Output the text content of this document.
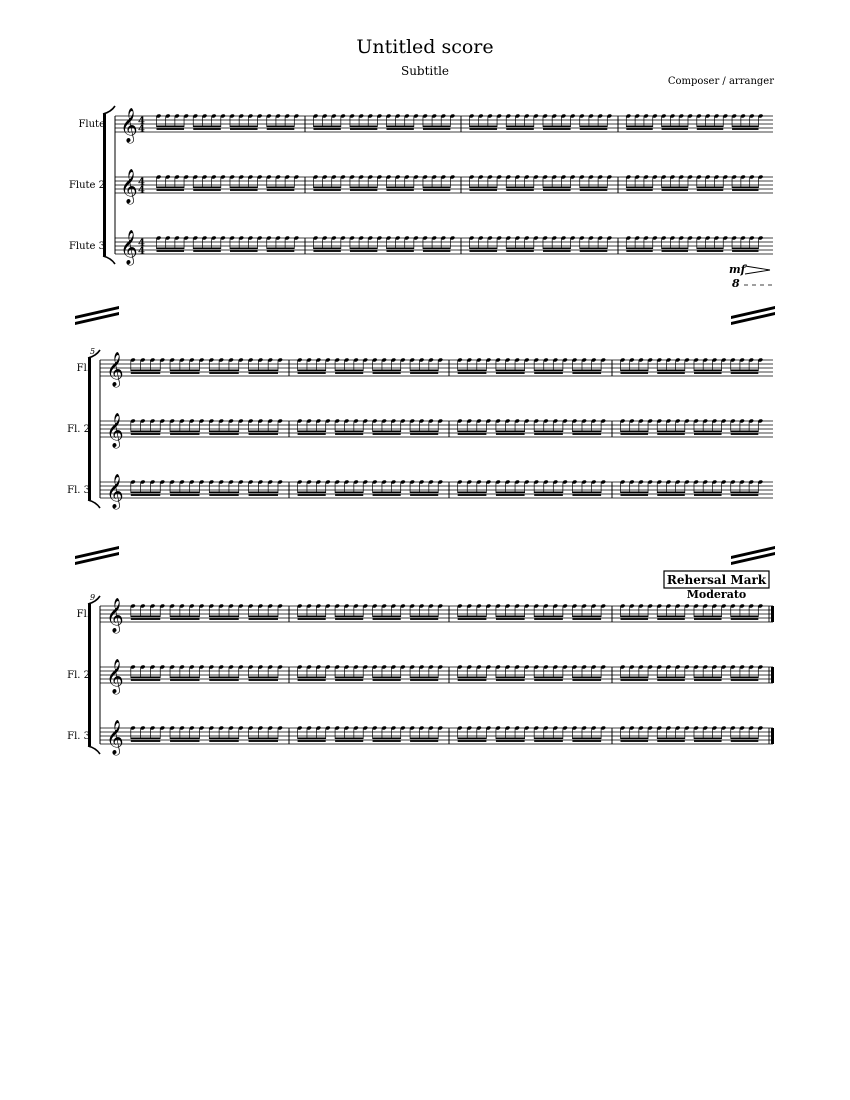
Untitled score
Subtitle
Composer / arranger
Flute 𝄞 4
4
Flute 2 𝄞 4
4
Flute 3 𝄞 4
4
5
Fl. 𝄞
Fl. 2 𝄞
Fl. 3 𝄞
9
Fl. 𝄞
Fl. 2 𝄞
Fl. 3 𝄞
mf
8
Rehersal Mark
Moderato
